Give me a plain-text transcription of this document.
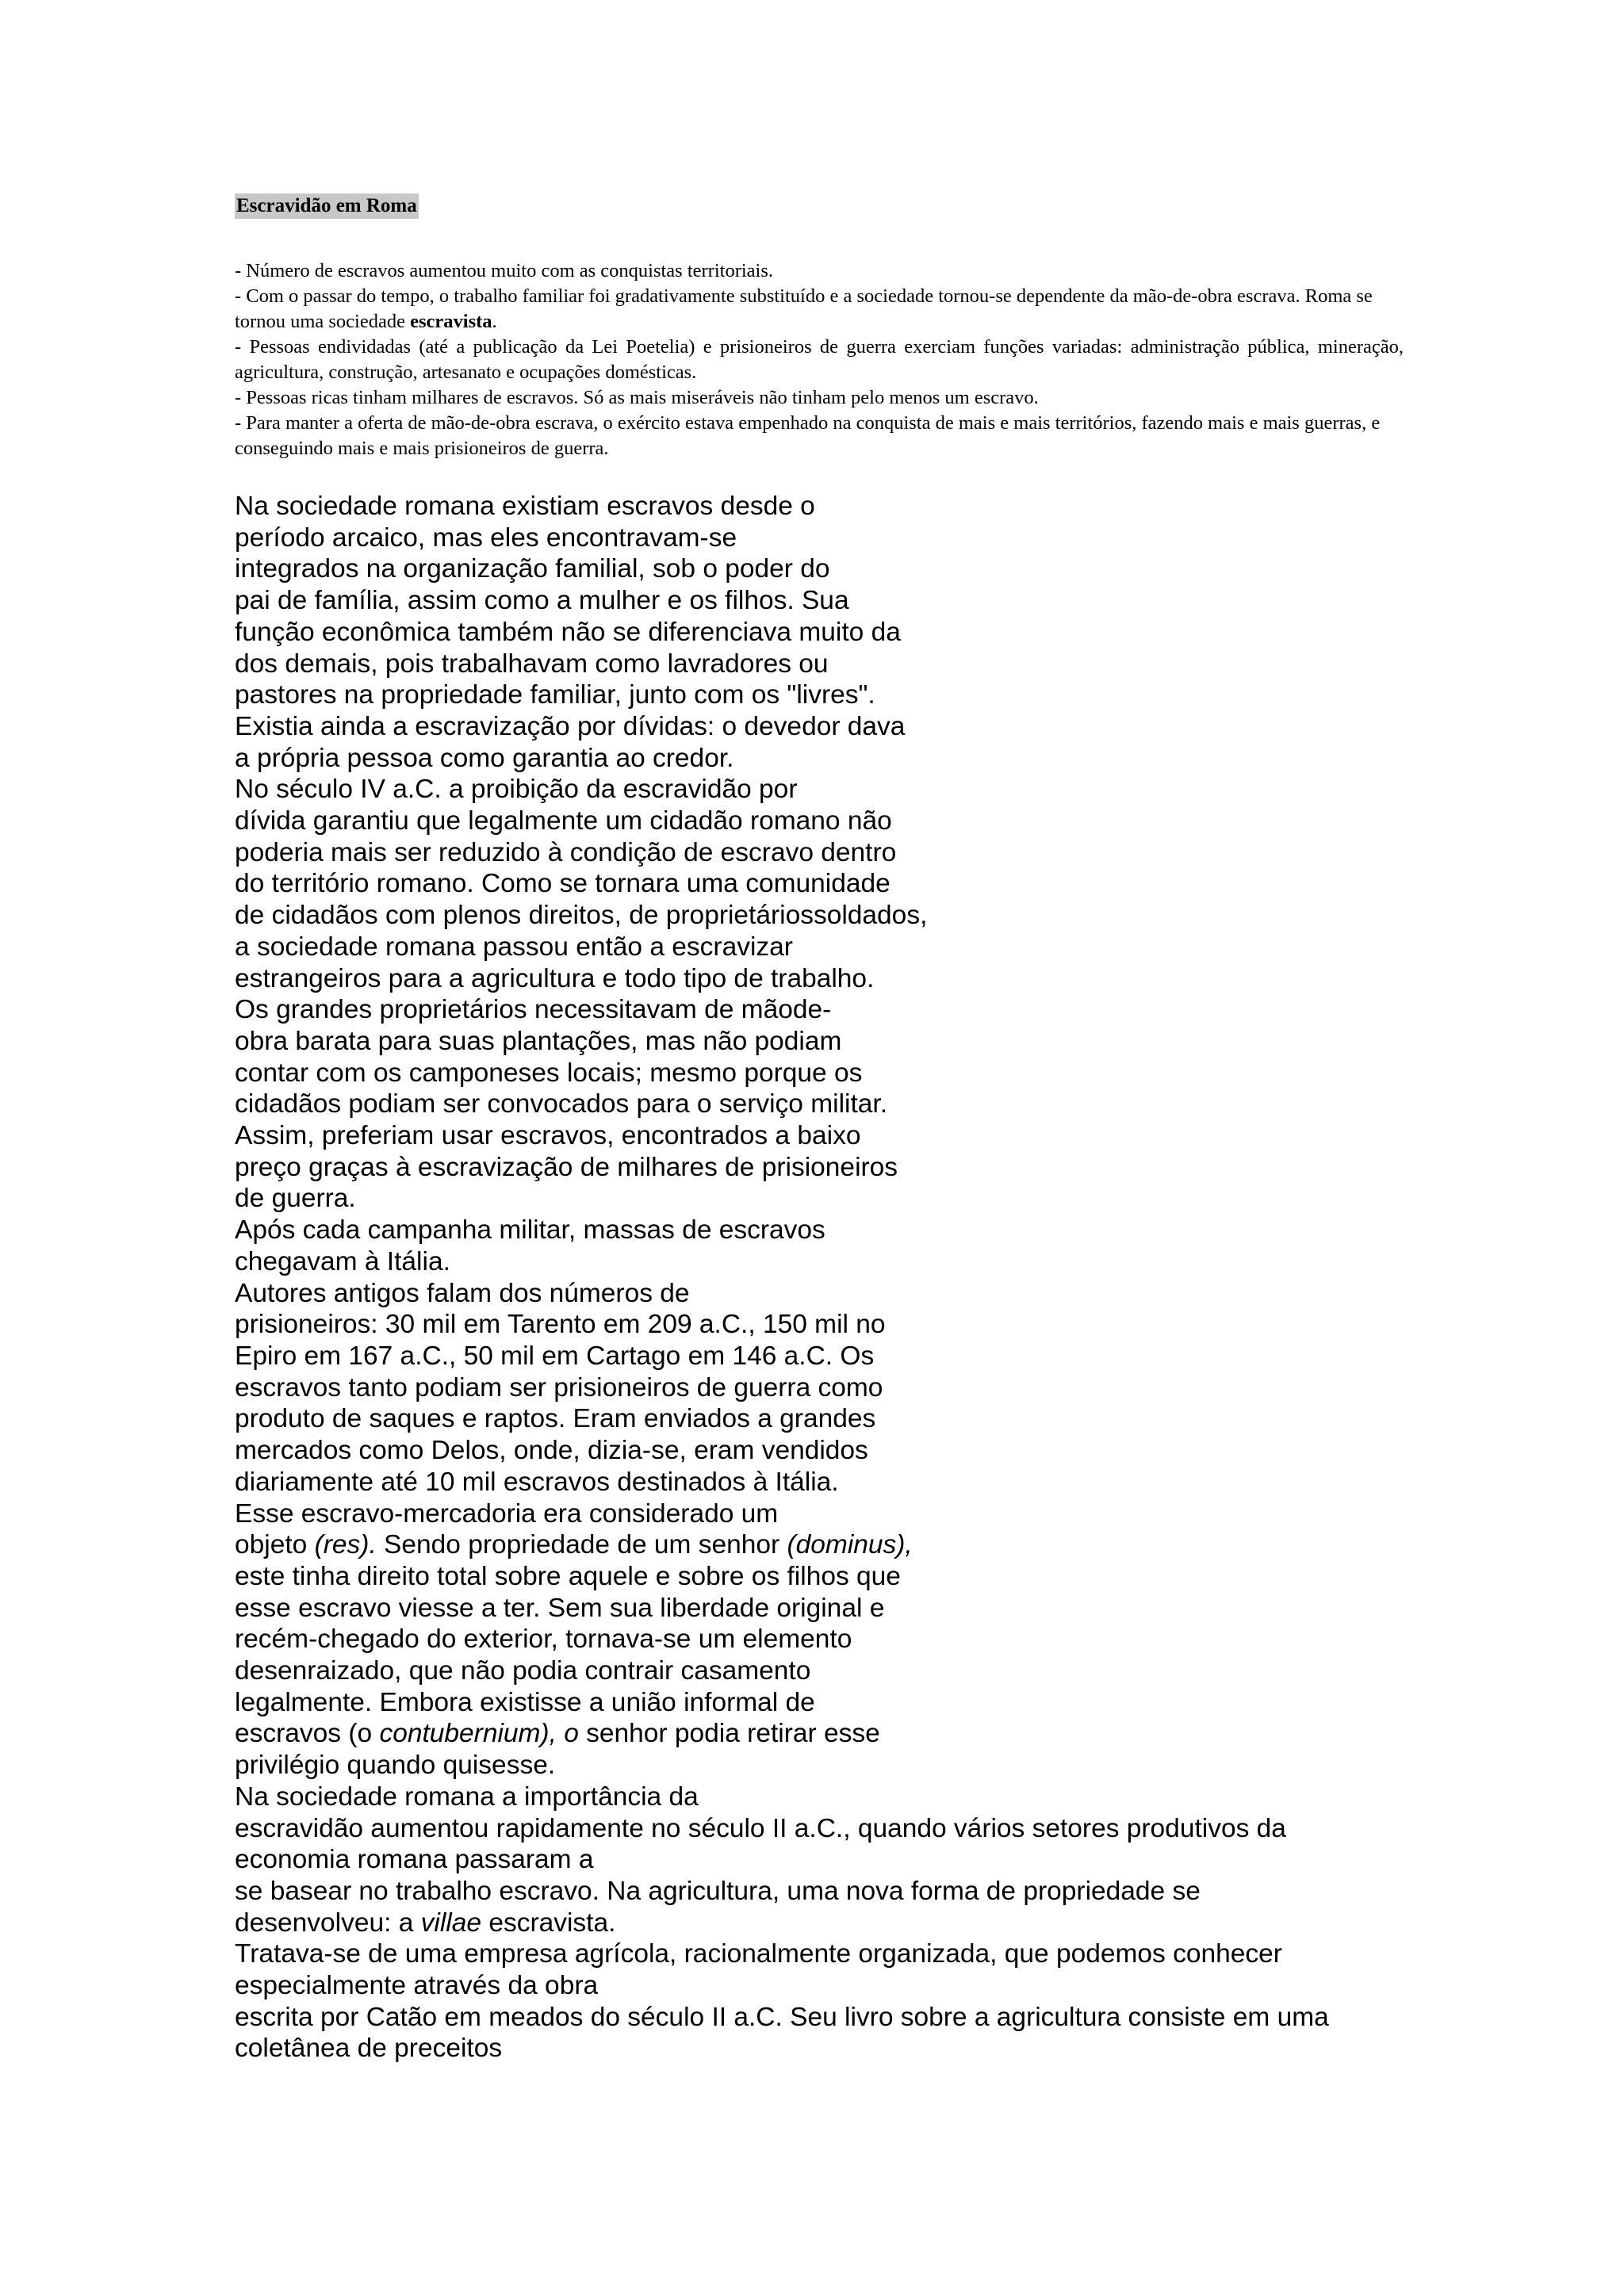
Escravidão em Roma
- Número de escravos aumentou muito com as conquistas territoriais.
- Com o passar do tempo, o trabalho familiar foi gradativamente substituído e a sociedade tornou-se dependente da mão-de-obra escrava. Roma se tornou uma sociedade escravista.
- Pessoas endividadas (até a publicação da Lei Poetelia) e prisioneiros de guerra exerciam funções variadas: administração pública, mineração, agricultura, construção, artesanato e ocupações domésticas.
- Pessoas ricas tinham milhares de escravos. Só as mais miseráveis não tinham pelo menos um escravo.
- Para manter a oferta de mão-de-obra escrava, o exército estava empenhado na conquista de mais e mais territórios, fazendo mais e mais guerras, e conseguindo mais e mais prisioneiros de guerra.
Na sociedade romana existiam escravos desde o
período arcaico, mas eles encontravam-se
integrados na organização familial, sob o poder do
pai de família, assim como a mulher e os filhos. Sua
função econômica também não se diferenciava muito da
dos demais, pois trabalhavam como lavradores ou
pastores na propriedade familiar, junto com os "livres".
Existia ainda a escravização por dívidas: o devedor dava
a própria pessoa como garantia ao credor.
No século IV a.C. a proibição da escravidão por
dívida garantiu que legalmente um cidadão romano não
poderia mais ser reduzido à condição de escravo dentro
do território romano. Como se tornara uma comunidade
de cidadãos com plenos direitos, de proprietáriossoldados,
a sociedade romana passou então a escravizar
estrangeiros para a agricultura e todo tipo de trabalho.
Os grandes proprietários necessitavam de mãode-
obra barata para suas plantações, mas não podiam
contar com os camponeses locais; mesmo porque os
cidadãos podiam ser convocados para o serviço militar.
Assim, preferiam usar escravos, encontrados a baixo
preço graças à escravização de milhares de prisioneiros
de guerra.
Após cada campanha militar, massas de escravos
chegavam à Itália.
Autores antigos falam dos números de
prisioneiros: 30 mil em Tarento em 209 a.C., 150 mil no
Epiro em 167 a.C., 50 mil em Cartago em 146 a.C. Os
escravos tanto podiam ser prisioneiros de guerra como
produto de saques e raptos. Eram enviados a grandes
mercados como Delos, onde, dizia-se, eram vendidos
diariamente até 10 mil escravos destinados à Itália.
Esse escravo-mercadoria era considerado um
objeto (res). Sendo propriedade de um senhor (dominus),
este tinha direito total sobre aquele e sobre os filhos que
esse escravo viesse a ter. Sem sua liberdade original e
recém-chegado do exterior, tornava-se um elemento
desenraizado, que não podia contrair casamento
legalmente. Embora existisse a união informal de
escravos (o contubernium), o senhor podia retirar esse
privilégio quando quisesse.
Na sociedade romana a importância da
escravidão aumentou rapidamente no século II a.C., quando vários setores produtivos da
economia romana passaram a
se basear no trabalho escravo. Na agricultura, uma nova forma de propriedade se
desenvolveu: a villae escravista.
Tratava-se de uma empresa agrícola, racionalmente organizada, que podemos conhecer
especialmente através da obra
escrita por Catão em meados do século II a.C. Seu livro sobre a agricultura consiste em uma
coletânea de preceitos
